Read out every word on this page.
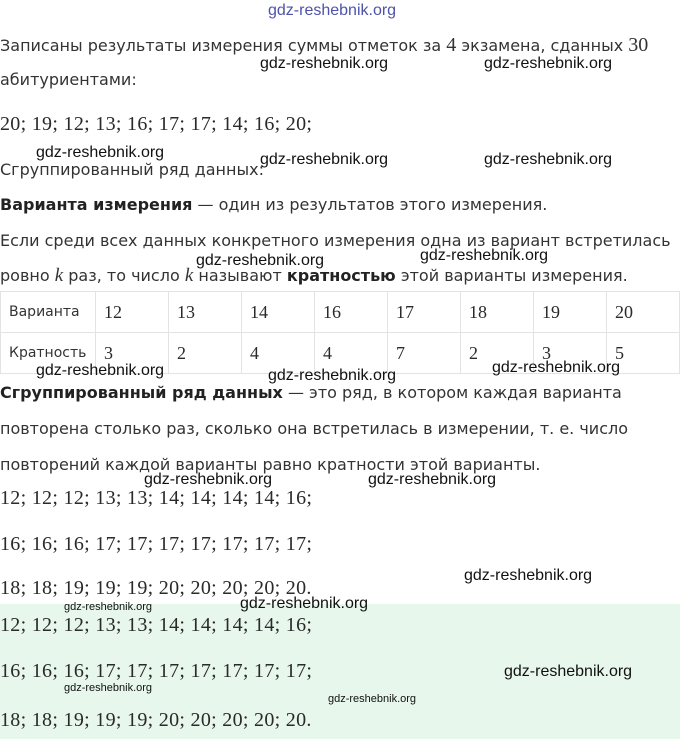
gdz-reshebnik.org
Записаны результаты измерения суммы отметок за 4 экзамена, сданных 30
абитуриентами:
20; 19; 12; 13; 16; 17; 17; 14; 16; 20;
Сгруппированный ряд данных:
Варианта измерения — один из результатов этого измерения.
Если среди всех данных конкретного измерения одна из вариант встретилась
ровно k раз, то число k называют кратностью этой варианты измерения.
Варианта	12	13	14	16	17	18	19	20
Кратность	3	2	4	4	7	2	3	5
Сгруппированный ряд данных — это ряд, в котором каждая варианта
повторена столько раз, сколько она встретилась в измерении, т. е. число
повторений каждой варианты равно кратности этой варианты.
12; 12; 12; 13; 13; 14; 14; 14; 14; 16;
16; 16; 16; 17; 17; 17; 17; 17; 17; 17;
18; 18; 19; 19; 19; 20; 20; 20; 20; 20.
12; 12; 12; 13; 13; 14; 14; 14; 14; 16;
16; 16; 16; 17; 17; 17; 17; 17; 17; 17;
18; 18; 19; 19; 19; 20; 20; 20; 20; 20.
gdz-reshebnik.org	gdz-reshebnik.org
gdz-reshebnik.org	gdz-reshebnik.org	gdz-reshebnik.org
gdz-reshebnik.org	gdz-reshebnik.org
gdz-reshebnik.org	gdz-reshebnik.org	gdz-reshebnik.org
gdz-reshebnik.org	gdz-reshebnik.org
gdz-reshebnik.org
gdz-reshebnik.org	gdz-reshebnik.org
gdz-reshebnik.org
gdz-reshebnik.org
gdz-reshebnik.org
